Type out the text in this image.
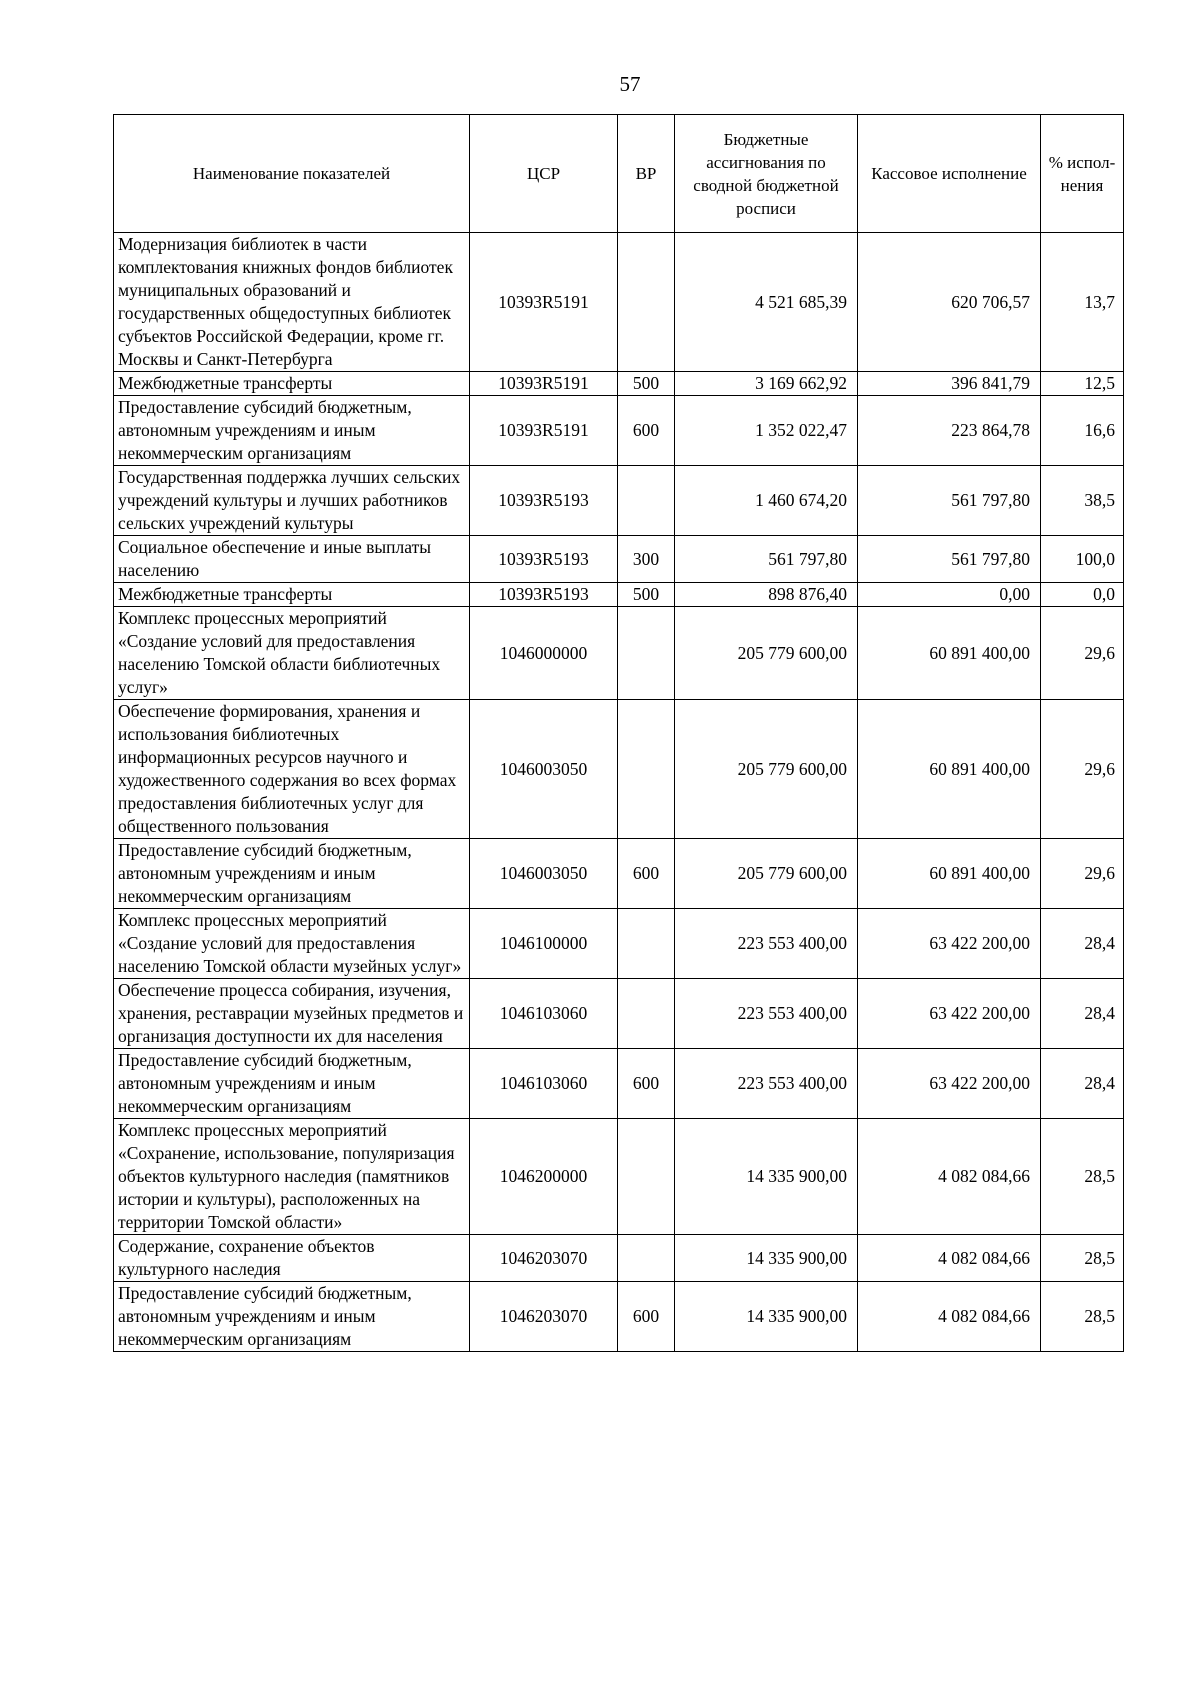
57
Наименование показателей	ЦСР	ВР	Бюджетные ассигнования по сводной бюджетной росписи	Кассовое исполнение	% испол-нения
Модернизация библиотек в части комплектования книжных фондов библиотек муниципальных образований и государственных общедоступных библиотек субъектов Российской Федерации, кроме гг. Москвы и Санкт-Петербурга	10393R5191		4 521 685,39	620 706,57	13,7
Межбюджетные трансферты	10393R5191	500	3 169 662,92	396 841,79	12,5
Предоставление субсидий бюджетным, автономным учреждениям и иным некоммерческим организациям	10393R5191	600	1 352 022,47	223 864,78	16,6
Государственная поддержка лучших сельских учреждений культуры и лучших работников сельских учреждений культуры	10393R5193		1 460 674,20	561 797,80	38,5
Социальное обеспечение и иные выплаты населению	10393R5193	300	561 797,80	561 797,80	100,0
Межбюджетные трансферты	10393R5193	500	898 876,40	0,00	0,0
Комплекс процессных мероприятий «Создание условий для предоставления населению Томской области библиотечных услуг»	1046000000		205 779 600,00	60 891 400,00	29,6
Обеспечение формирования, хранения и использования библиотечных информационных ресурсов научного и художественного содержания во всех формах предоставления библиотечных услуг для общественного пользования	1046003050		205 779 600,00	60 891 400,00	29,6
Предоставление субсидий бюджетным, автономным учреждениям и иным некоммерческим организациям	1046003050	600	205 779 600,00	60 891 400,00	29,6
Комплекс процессных мероприятий «Создание условий для предоставления населению Томской области музейных услуг»	1046100000		223 553 400,00	63 422 200,00	28,4
Обеспечение процесса собирания, изучения, хранения, реставрации музейных предметов и организация доступности их для населения	1046103060		223 553 400,00	63 422 200,00	28,4
Предоставление субсидий бюджетным, автономным учреждениям и иным некоммерческим организациям	1046103060	600	223 553 400,00	63 422 200,00	28,4
Комплекс процессных мероприятий «Сохранение, использование, популяризация объектов культурного наследия (памятников истории и культуры), расположенных на территории Томской области»	1046200000		14 335 900,00	4 082 084,66	28,5
Содержание, сохранение объектов культурного наследия	1046203070		14 335 900,00	4 082 084,66	28,5
Предоставление субсидий бюджетным, автономным учреждениям и иным некоммерческим организациям	1046203070	600	14 335 900,00	4 082 084,66	28,5
